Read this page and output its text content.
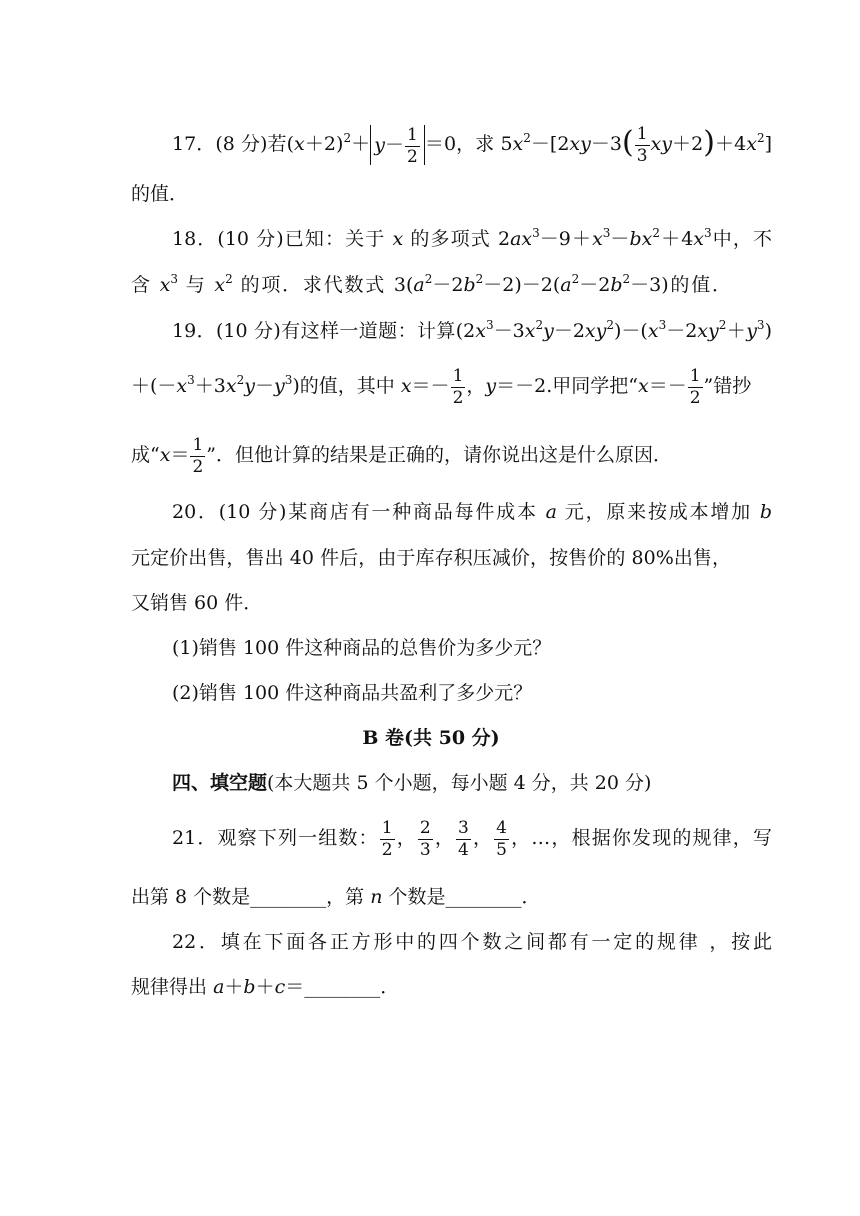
17．(8 分)若$(x+2)^2+ y- \frac{1}{2} =0$，求 $5x^2-[2xy-3( \frac{1}{3} xy+2)+4x^2]$
的值．
18．(10 分)已知：关于 x 的多项式 $2ax^3-9+x^3-bx^2+4x^3$中，不
含 $x^3$ 与 $x^2$ 的项．求代数式 $3(a^2-2b^2-2)-2(a^2-2b^2-3)$的值．
19．(10 分)有这样一道题：计算$(2x^3-3x^2y-2xy^2)-(x^3-2xy^2+y^3)$
$+(-x^3+3x^2y-y^3)$的值，其中 $x=- \frac{1}{2}$ ，y＝－2.甲同学把“$x=- \frac{1}{2}$ ”错抄
成“$x= \frac{1}{2}$ ”．但他计算的结果是正确的，请你说出这是什么原因．
20．(10 分)某商店有一种商品每件成本 a 元，原来按成本增加 b
元定价出售，售出 40 件后，由于库存积压减价，按售价的 80%出售，
又销售 60 件．
(1)销售 100 件这种商品的总售价为多少元？
(2)销售 100 件这种商品共盈利了多少元？
B 卷(共 50 分)
四、填空题(本大题共 5 个小题，每小题 4 分，共 20 分)
21．观察下列一组数： $\frac{1}{2}$ ， $\frac{2}{3}$ ， $\frac{3}{4}$ ， $\frac{4}{5}$ ，…，根据你发现的规律，写
出第 8 个数是________，第 n 个数是________．
22．填在下面各正方形中的四个数之间都有一定的规律 ，按此
规律得出 a＋b＋c＝________．
